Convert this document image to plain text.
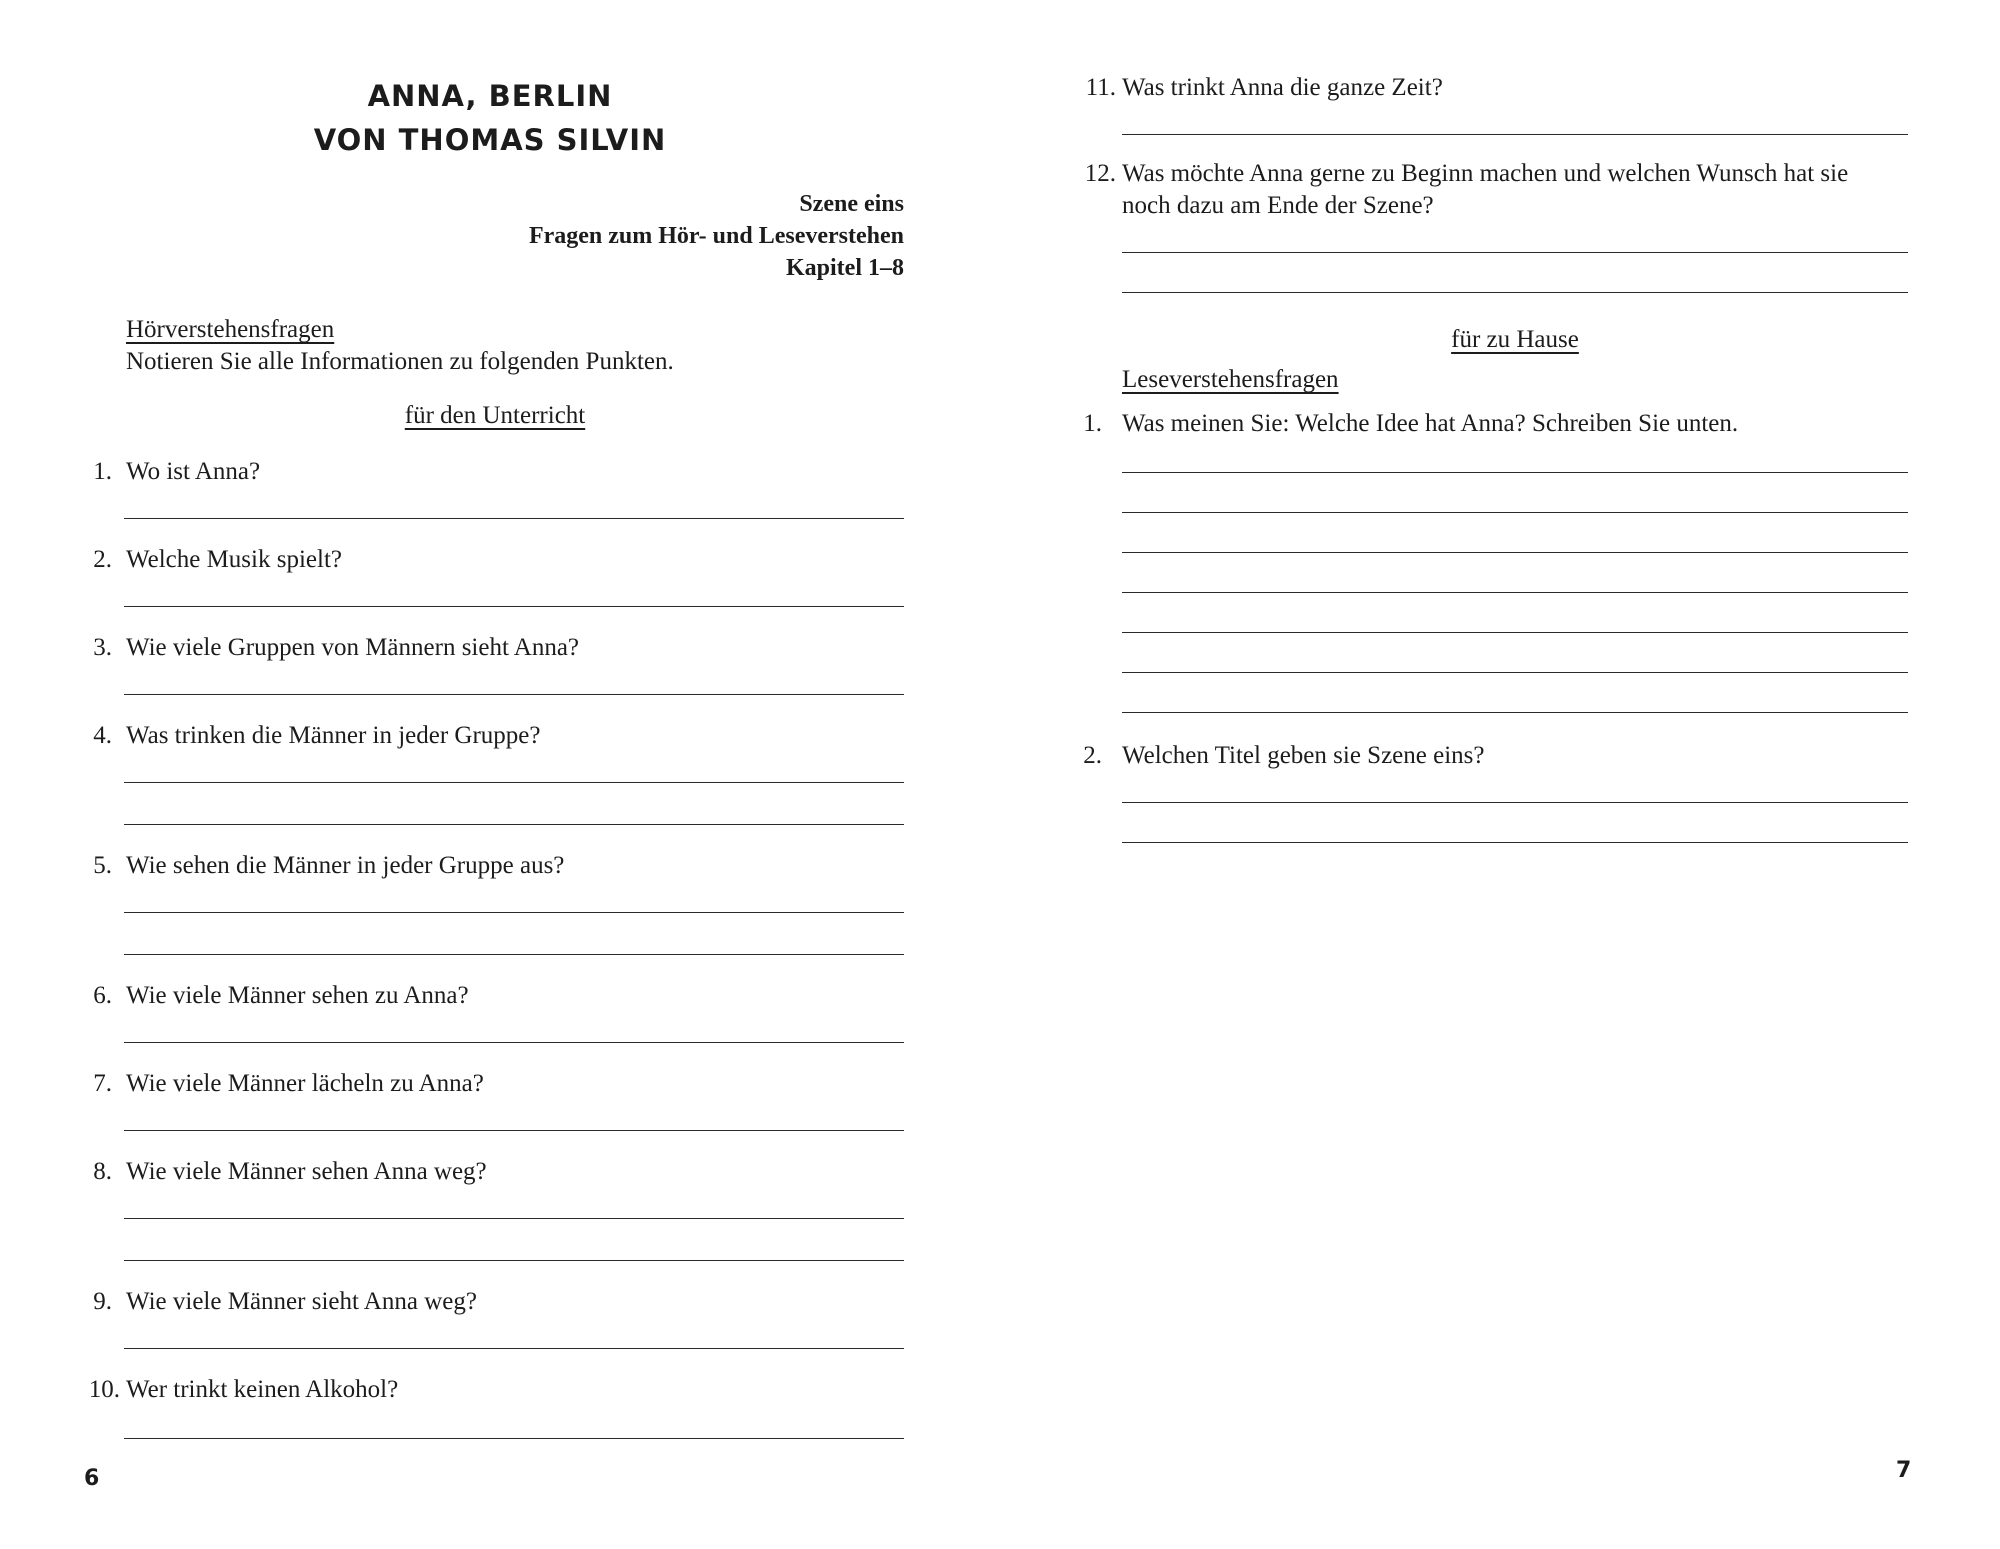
ANNA, BERLIN
VON THOMAS SILVIN
Szene eins
Fragen zum Hör- und Leseverstehen
Kapitel 1–8
Hörverstehensfragen
Notieren Sie alle Informationen zu folgenden Punkten.
für den Unterricht
1. Wo ist Anna?
2. Welche Musik spielt?
3. Wie viele Gruppen von Männern sieht Anna?
4. Was trinken die Männer in jeder Gruppe?
5. Wie sehen die Männer in jeder Gruppe aus?
6. Wie viele Männer sehen zu Anna?
7. Wie viele Männer lächeln zu Anna?
8. Wie viele Männer sehen Anna weg?
9. Wie viele Männer sieht Anna weg?
10. Wer trinkt keinen Alkohol?
6
11. Was trinkt Anna die ganze Zeit?
12. Was möchte Anna gerne zu Beginn machen und welchen Wunsch hat sie
noch dazu am Ende der Szene?
für zu Hause
Leseverstehensfragen
1. Was meinen Sie: Welche Idee hat Anna? Schreiben Sie unten.
2. Welchen Titel geben sie Szene eins?
7
